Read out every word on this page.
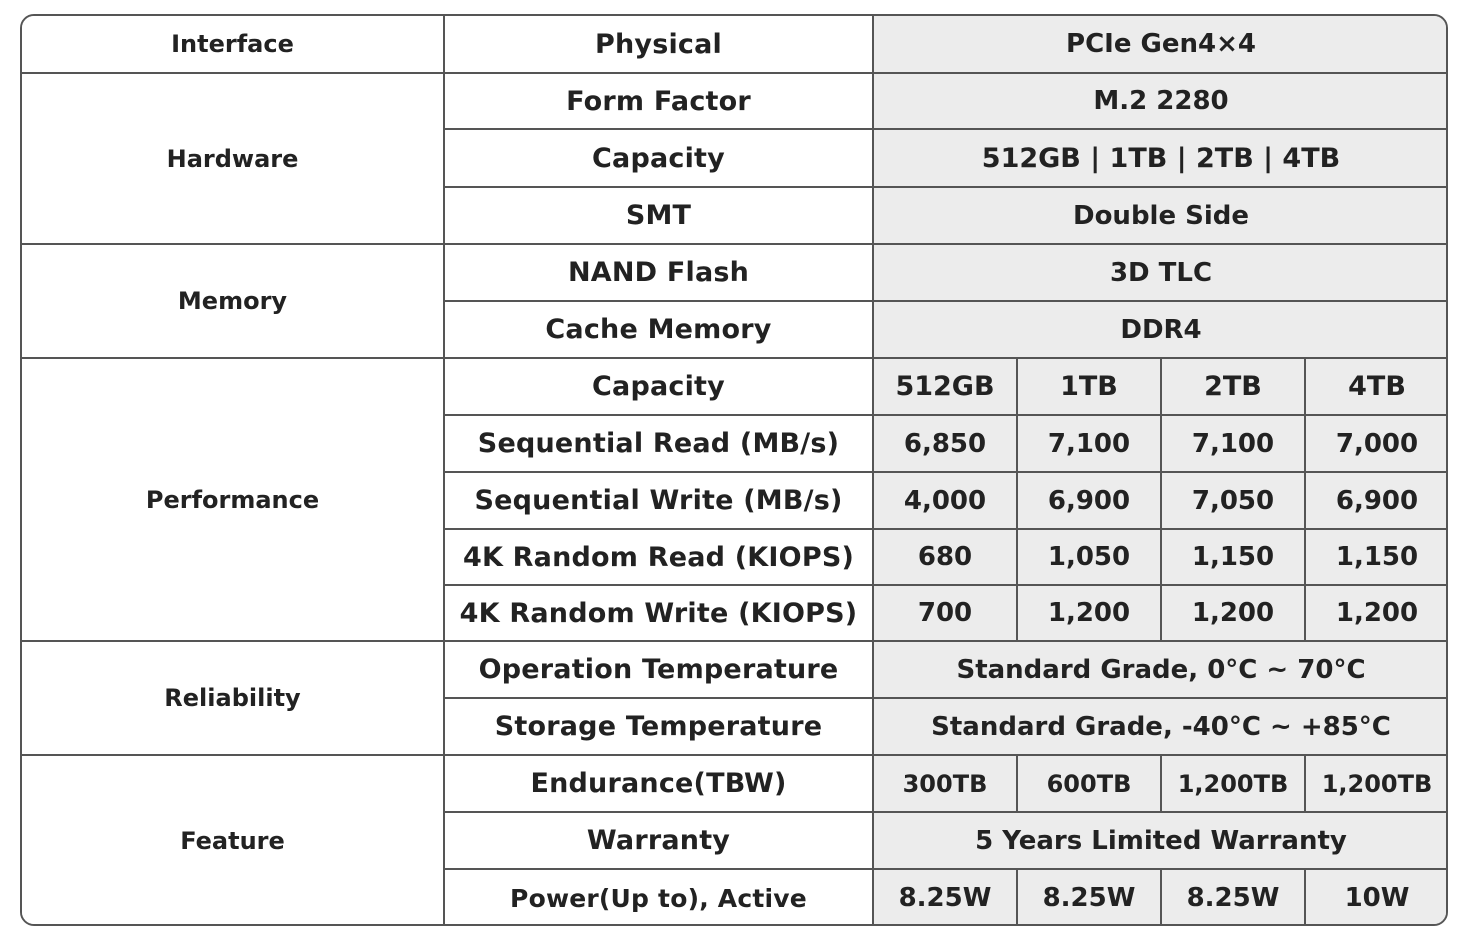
Interface	Physical	PCIe Gen4×4			
Hardware	Form Factor	M.2 2280			
	Capacity	512GB | 1TB | 2TB | 4TB			
	SMT	Double Side			
Memory	NAND Flash	3D TLC			
	Cache Memory	DDR4			
Performance	Capacity	512GB	1TB	2TB	4TB
	Sequential Read (MB/s)	6,850	7,100	7,100	7,000
	Sequential Write (MB/s)	4,000	6,900	7,050	6,900
	4K Random Read (KIOPS)	680	1,050	1,150	1,150
	4K Random Write (KIOPS)	700	1,200	1,200	1,200
Reliability	Operation Temperature	Standard Grade, 0°C ~ 70°C			
	Storage Temperature	Standard Grade, -40°C ~ +85°C			
Feature	Endurance(TBW)	300TB	600TB	1,200TB	1,200TB
	Warranty	5 Years Limited Warranty			
	Power(Up to), Active	8.25W	8.25W	8.25W	10W
